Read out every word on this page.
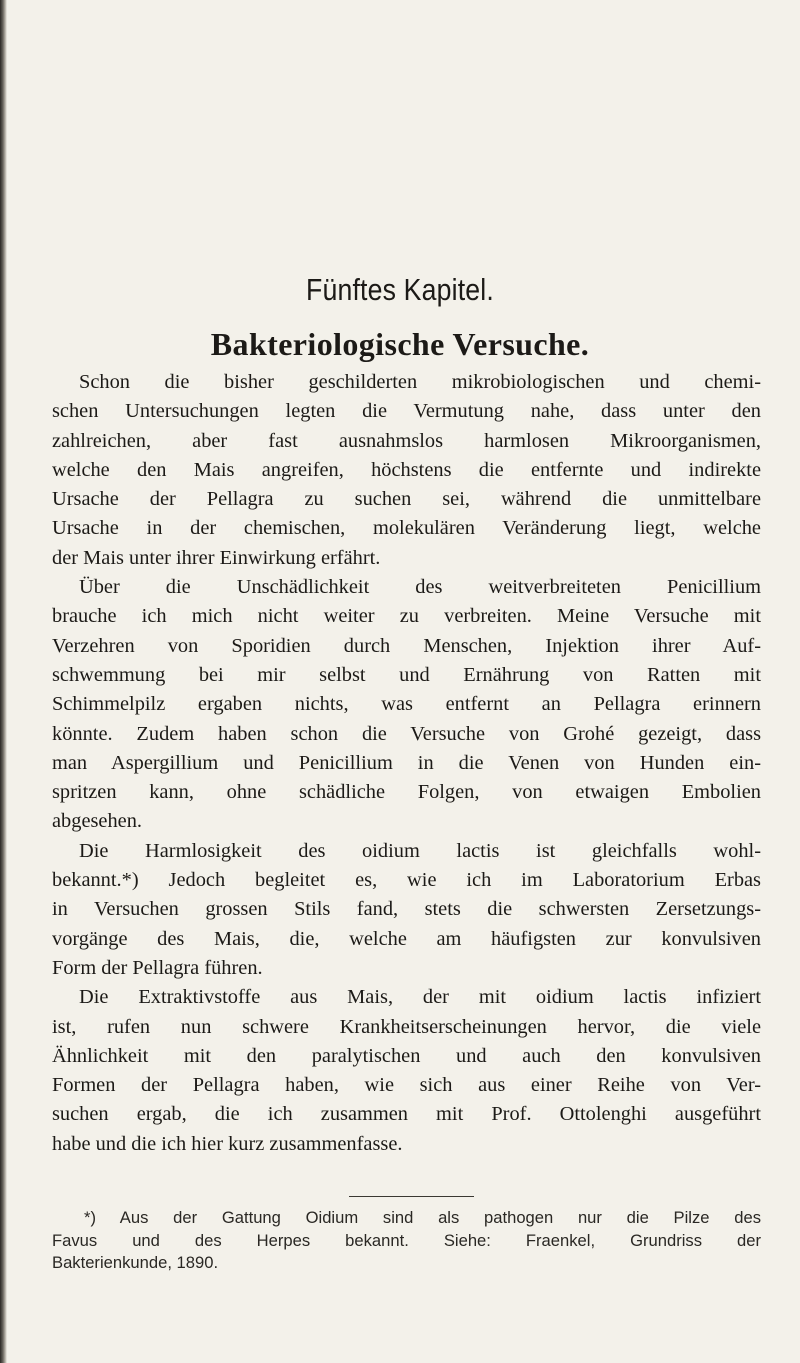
Fünftes Kapitel.
Bakteriologische Versuche.

Schon die bisher geschilderten mikrobiologischen und chemi-
schen Untersuchungen legten die Vermutung nahe, dass unter den
zahlreichen, aber fast ausnahmslos harmlosen Mikroorganismen,
welche den Mais angreifen, höchstens die entfernte und indirekte
Ursache der Pellagra zu suchen sei, während die unmittelbare
Ursache in der chemischen, molekulären Veränderung liegt, welche
der Mais unter ihrer Einwirkung erfährt.

Über die Unschädlichkeit des weitverbreiteten Penicillium
brauche ich mich nicht weiter zu verbreiten. Meine Versuche mit
Verzehren von Sporidien durch Menschen, Injektion ihrer Auf-
schwemmung bei mir selbst und Ernährung von Ratten mit
Schimmelpilz ergaben nichts, was entfernt an Pellagra erinnern
könnte. Zudem haben schon die Versuche von Grohé gezeigt, dass
man Aspergillium und Penicillium in die Venen von Hunden ein-
spritzen kann, ohne schädliche Folgen, von etwaigen Embolien
abgesehen.

Die Harmlosigkeit des oidium lactis ist gleichfalls wohl-
bekannt.*) Jedoch begleitet es, wie ich im Laboratorium Erbas
in Versuchen grossen Stils fand, stets die schwersten Zersetzungs-
vorgänge des Mais, die, welche am häufigsten zur konvulsiven
Form der Pellagra führen.

Die Extraktivstoffe aus Mais, der mit oidium lactis infiziert
ist, rufen nun schwere Krankheitserscheinungen hervor, die viele
Ähnlichkeit mit den paralytischen und auch den konvulsiven
Formen der Pellagra haben, wie sich aus einer Reihe von Ver-
suchen ergab, die ich zusammen mit Prof. Ottolenghi ausgeführt
habe und die ich hier kurz zusammenfasse.

*) Aus der Gattung Oidium sind als pathogen nur die Pilze des
Favus und des Herpes bekannt. Siehe: Fraenkel, Grundriss der
Bakterienkunde, 1890.
